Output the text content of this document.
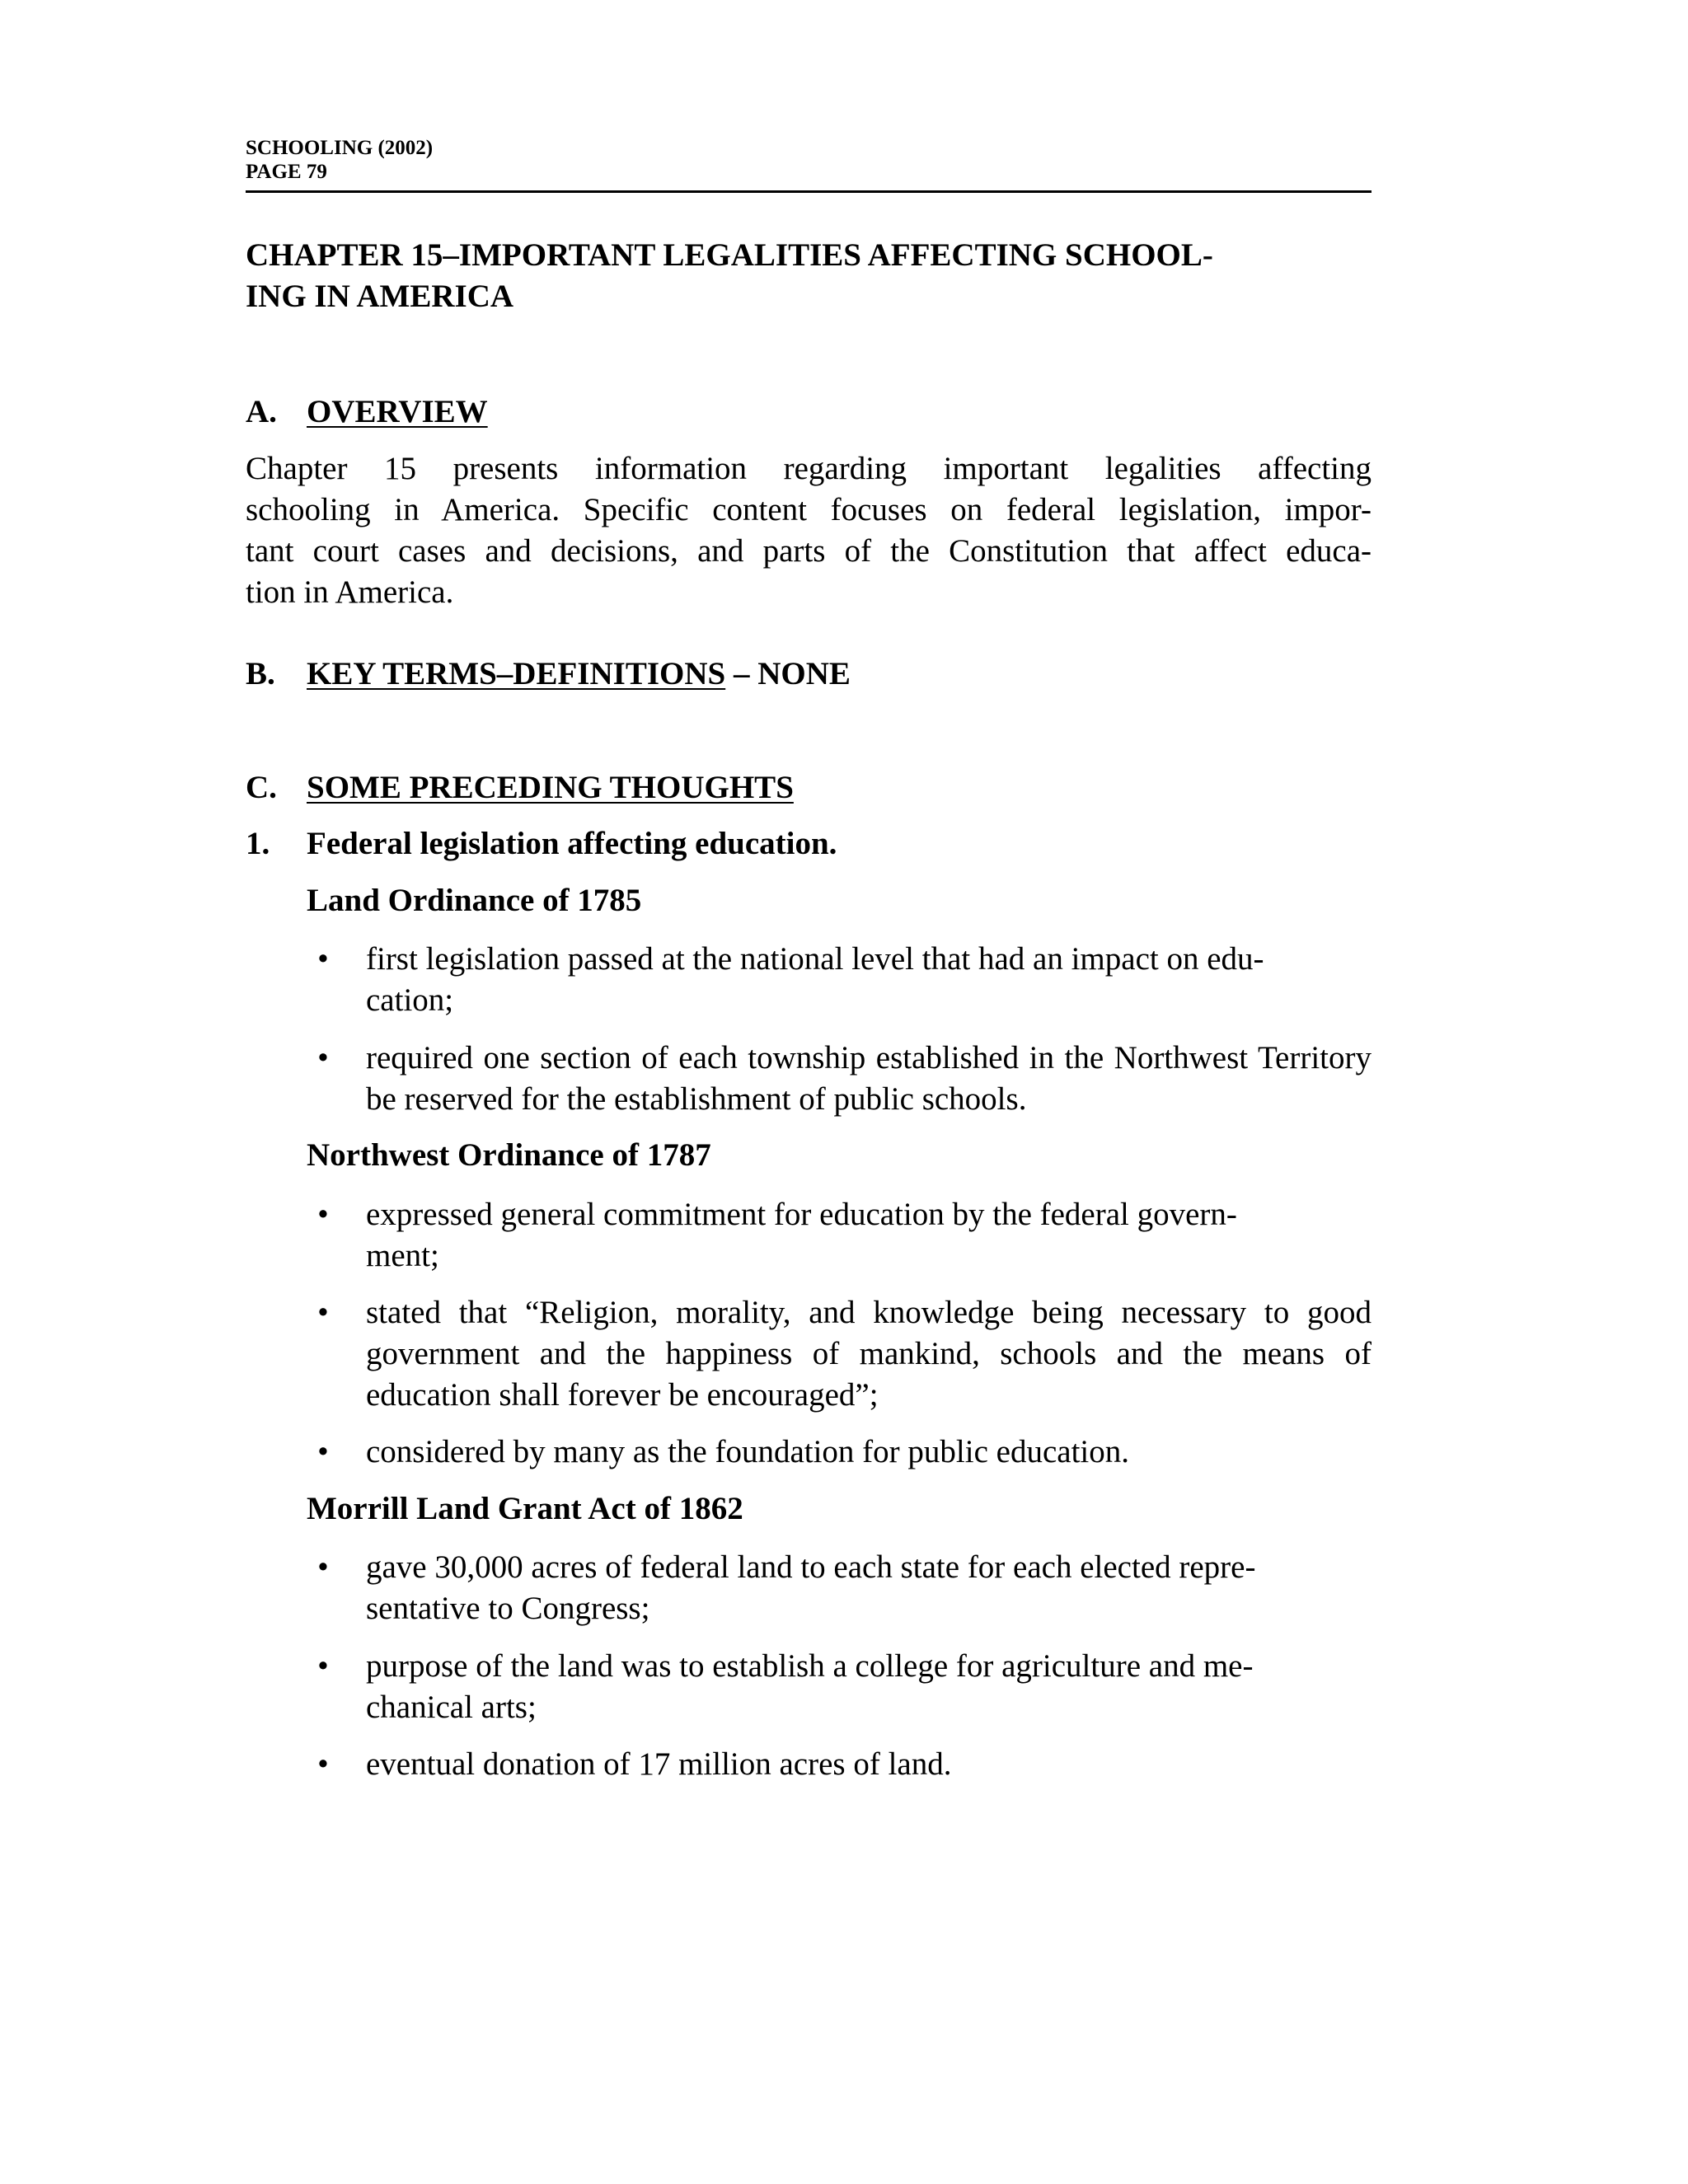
SCHOOLING (2002)
PAGE 79
CHAPTER 15–IMPORTANT LEGALITIES AFFECTING SCHOOL-
ING IN AMERICA
A. OVERVIEW
Chapter 15 presents information regarding important legalities affecting
schooling in America. Specific content focuses on federal legislation, impor-
tant court cases and decisions, and parts of the Constitution that affect educa-
tion in America.
B. KEY TERMS–DEFINITIONS – NONE
C. SOME PRECEDING THOUGHTS
1. Federal legislation affecting education.
Land Ordinance of 1785
•	first legislation passed at the national level that had an impact on edu-
cation;
•	required one section of each township established in the Northwest Territory be reserved for the establishment of public schools.
Northwest Ordinance of 1787
•	expressed general commitment for education by the federal govern-
ment;
•	stated that “Religion, morality, and knowledge being necessary to good government and the happiness of mankind, schools and the means of education shall forever be encouraged”;
•	considered by many as the foundation for public education.
Morrill Land Grant Act of 1862
•	gave 30,000 acres of federal land to each state for each elected repre-
sentative to Congress;
•	purpose of the land was to establish a college for agriculture and me-
chanical arts;
•	eventual donation of 17 million acres of land.
